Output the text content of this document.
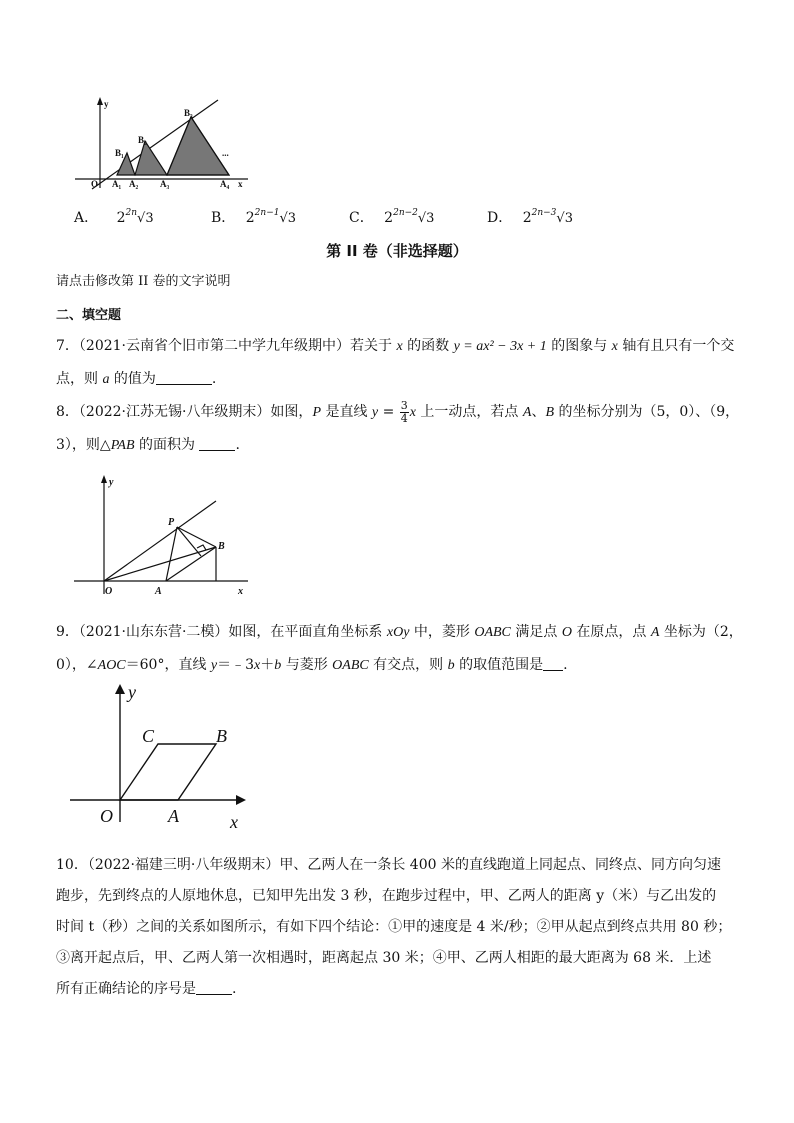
y
O A₁ A₂ A₃	A₄ x
B₁
B₂
B₃
...
A． $2^{2n}√3$	B． $2^{2n-1}√3$	C． $2^{2n-2}√3$	D． $2^{2n-3}√3$
第 II 卷（非选择题）
请点击修改第 II 卷的文字说明
二、填空题
7．（2021·云南省个旧市第二中学九年级期中）若关于 x 的函数 y = ax² − 3x + 1 的图象与 x 轴有且只有一个交
点，则 a 的值为	.
8．（2022·江苏无锡·八年级期末）如图，P 是直线 $y = \frac{3}{4}$ x 上一动点，若点 A、B 的坐标分别为（5，0）、（9，
3），则△PAB 的面积为	.
y
P
B
O	A	x
9．（2021·山东东营·二模）如图，在平面直角坐标系 xOy 中，菱形 OABC 满足点 O 在原点，点 A 坐标为（2，
0），∠AOC＝60°，直线 y＝﹣3x＋b 与菱形 OABC 有交点，则 b 的取值范围是 .
y
C	B
O	A	x
10．（2022·福建三明·八年级期末）甲、乙两人在一条长 400 米的直线跑道上同起点、同终点、同方向匀速
跑步，先到终点的人原地休息，已知甲先出发 3 秒，在跑步过程中，甲、乙两人的距离 y（米）与乙出发的
时间 t（秒）之间的关系如图所示，有如下四个结论：①甲的速度是 4 米/秒；②甲从起点到终点共用 80 秒；
③离开起点后，甲、乙两人第一次相遇时，距离起点 30 米；④甲、乙两人相距的最大距离为 68 米．上述
所有正确结论的序号是	.
